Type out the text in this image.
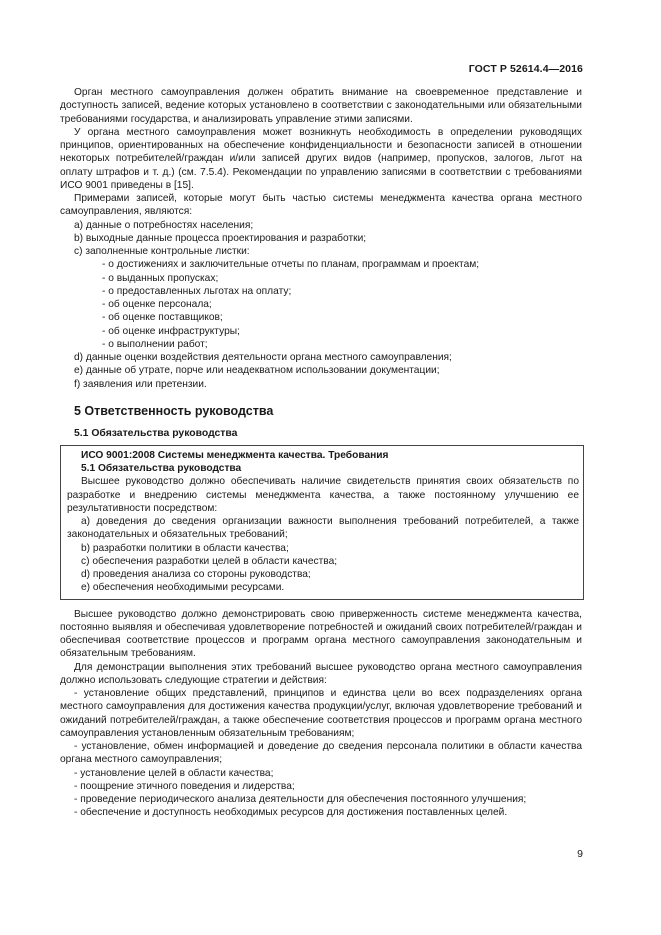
ГОСТ Р 52614.4—2016

Орган местного самоуправления должен обратить внимание на своевременное представление и доступность записей, ведение которых установлено в соответствии с законодательными или обязательными требованиями государства, и анализировать управление этими записями.

У органа местного самоуправления может возникнуть необходимость в определении руководящих принципов, ориентированных на обеспечение конфиденциальности и безопасности записей в отношении некоторых потребителей/граждан и/или записей других видов (например, пропусков, залогов, льгот на оплату штрафов и т. д.) (см. 7.5.4). Рекомендации по управлению записями в соответствии с требованиями ИСО 9001 приведены в [15].

Примерами записей, которые могут быть частью системы менеджмента качества органа местного самоуправления, являются:

a) данные о потребностях населения;

b) выходные данные процесса проектирования и разработки;

c) заполненные контрольные листки:

- о достижениях и заключительные отчеты по планам, программам и проектам;

- о выданных пропусках;

- о предоставленных льготах на оплату;

- об оценке персонала;

- об оценке поставщиков;

- об оценке инфраструктуры;

- о выполнении работ;

d) данные оценки воздействия деятельности органа местного самоуправления;

e) данные об утрате, порче или неадекватном использовании документации;

f) заявления или претензии.

5 Ответственность руководства
5.1 Обязательства руководства

ИСО 9001:2008 Системы менеджмента качества. Требования

5.1 Обязательства руководства

Высшее руководство должно обеспечивать наличие свидетельств принятия своих обязательств по разработке и внедрению системы менеджмента качества, а также постоянному улучшению ее результативности посредством:

a) доведения до сведения организации важности выполнения требований потребителей, а также законодательных и обязательных требований;

b) разработки политики в области качества;

c) обеспечения разработки целей в области качества;

d) проведения анализа со стороны руководства;

e) обеспечения необходимыми ресурсами.

Высшее руководство должно демонстрировать свою приверженность системе менеджмента качества, постоянно выявляя и обеспечивая удовлетворение потребностей и ожиданий своих потребителей/граждан и обеспечивая соответствие процессов и программ органа местного самоуправления законодательным и обязательным требованиям.

Для демонстрации выполнения этих требований высшее руководство органа местного самоуправления должно использовать следующие стратегии и действия:

- установление общих представлений, принципов и единства цели во всех подразделениях органа местного самоуправления для достижения качества продукции/услуг, включая удовлетворение требований и ожиданий потребителей/граждан, а также обеспечение соответствия процессов и программ органа местного самоуправления установленным обязательным требованиям;

- установление, обмен информацией и доведение до сведения персонала политики в области качества органа местного самоуправления;

- установление целей в области качества;

- поощрение этичного поведения и лидерства;

- проведение периодического анализа деятельности для обеспечения постоянного улучшения;

- обеспечение и доступность необходимых ресурсов для достижения поставленных целей.

9
